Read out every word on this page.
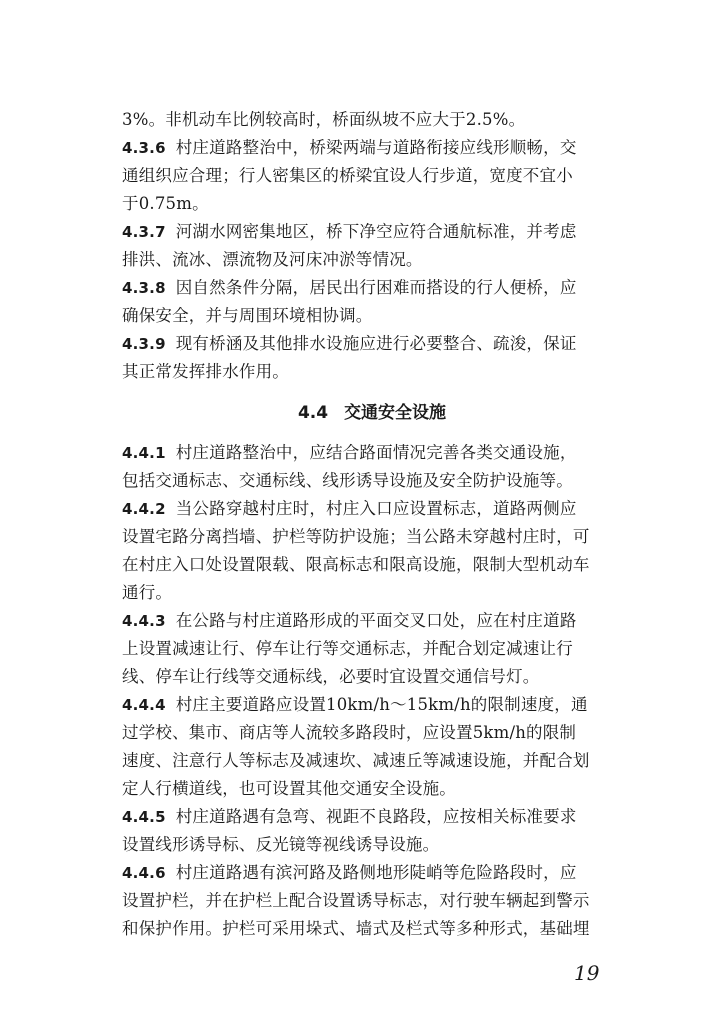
3%。非机动车比例较高时，桥面纵坡不应大于2.5%。

4.3.6 村庄道路整治中，桥梁两端与道路衔接应线形顺畅，交

通组织应合理；行人密集区的桥梁宜设人行步道，宽度不宜小

于0.75m。

4.3.7 河湖水网密集地区，桥下净空应符合通航标准，并考虑

排洪、流冰、漂流物及河床冲淤等情况。

4.3.8 因自然条件分隔，居民出行困难而搭设的行人便桥，应

确保安全，并与周围环境相协调。

4.3.9 现有桥涵及其他排水设施应进行必要整合、疏浚，保证

其正常发挥排水作用。

4.4 交通安全设施

4.4.1 村庄道路整治中，应结合路面情况完善各类交通设施，

包括交通标志、交通标线、线形诱导设施及安全防护设施等。

4.4.2 当公路穿越村庄时，村庄入口应设置标志，道路两侧应

设置宅路分离挡墙、护栏等防护设施；当公路未穿越村庄时，可

在村庄入口处设置限载、限高标志和限高设施，限制大型机动车

通行。

4.4.3 在公路与村庄道路形成的平面交叉口处，应在村庄道路

上设置减速让行、停车让行等交通标志，并配合划定减速让行

线、停车让行线等交通标线，必要时宜设置交通信号灯。

4.4.4 村庄主要道路应设置10km/h～15km/h的限制速度，通

过学校、集市、商店等人流较多路段时，应设置5km/h的限制

速度、注意行人等标志及减速坎、减速丘等减速设施，并配合划

定人行横道线，也可设置其他交通安全设施。

4.4.5 村庄道路遇有急弯、视距不良路段，应按相关标准要求

设置线形诱导标、反光镜等视线诱导设施。

4.4.6 村庄道路遇有滨河路及路侧地形陡峭等危险路段时，应

设置护栏，并在护栏上配合设置诱导标志，对行驶车辆起到警示

和保护作用。护栏可采用垛式、墙式及栏式等多种形式，基础埋

19
